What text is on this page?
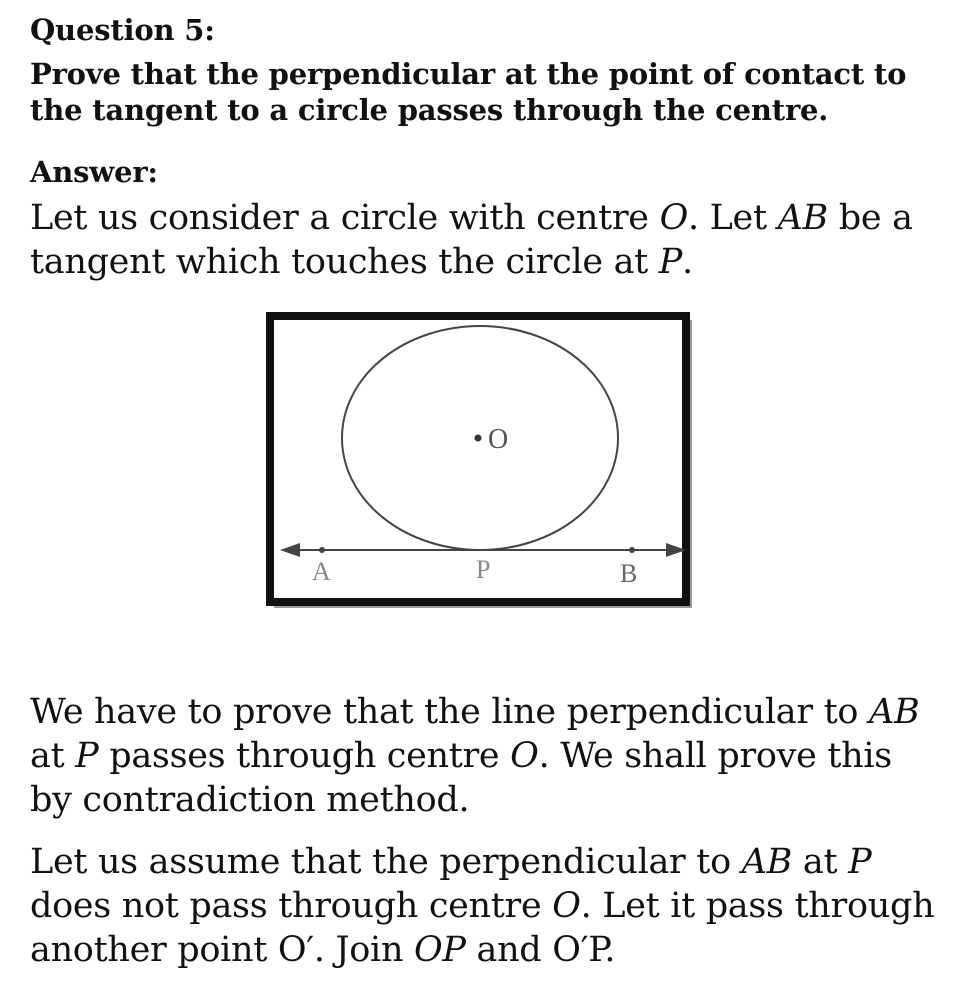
Question 5:
Prove that the perpendicular at the point of contact to the tangent to a circle passes through the centre.
Answer:
Let us consider a circle with centre O. Let AB be a tangent which touches the circle at P.
We have to prove that the line perpendicular to AB at P passes through centre O. We shall prove this by contradiction method.
Let us assume that the perpendicular to AB at P does not pass through centre O. Let it pass through another point O′. Join OP and O′P.
O
A	P	B
